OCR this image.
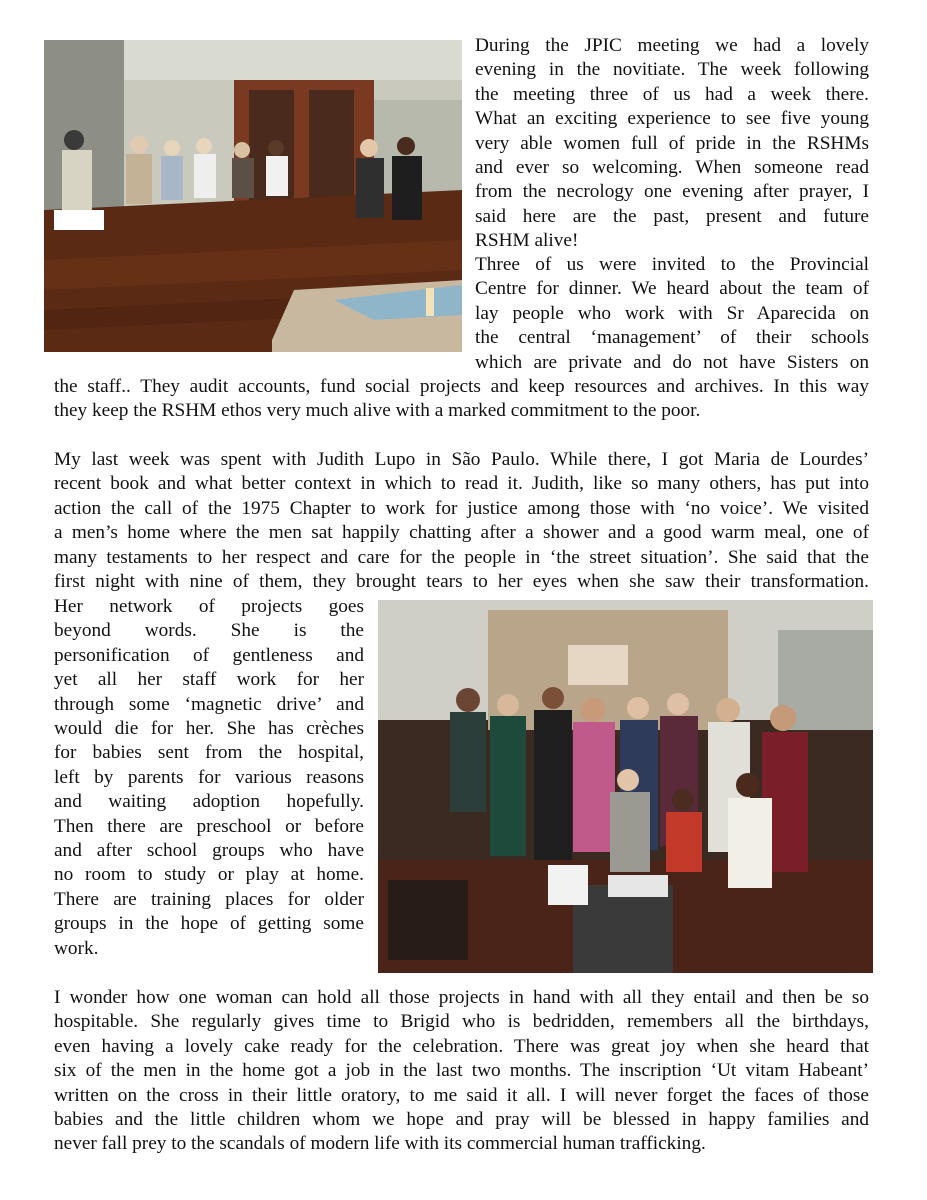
During the JPIC meeting we had a lovely
evening in the novitiate. The week following
the meeting three of us had a week there.
What an exciting experience to see five young
very able women full of pride in the RSHMs
and ever so welcoming. When someone read
from the necrology one evening after prayer, I
said here are the past, present and future
RSHM alive!
Three of us were invited to the Provincial
Centre for dinner. We heard about the team of
lay people who work with Sr Aparecida on
the central ‘management’ of their schools
which are private and do not have Sisters on
the staff.. They audit accounts, fund social projects and keep resources and archives. In this way
they keep the RSHM ethos very much alive with a marked commitment to the poor.
My last week was spent with Judith Lupo in São Paulo. While there, I got Maria de Lourdes’
recent book and what better context in which to read it. Judith, like so many others, has put into
action the call of the 1975 Chapter to work for justice among those with ‘no voice’. We visited
a men’s home where the men sat happily chatting after a shower and a good warm meal, one of
many testaments to her respect and care for the people in ‘the street situation’. She said that the
first night with nine of them, they brought tears to her eyes when she saw their transformation.
Her network of projects goes
beyond words. She is the
personification of gentleness and
yet all her staff work for her
through some ‘magnetic drive’ and
would die for her. She has crèches
for babies sent from the hospital,
left by parents for various reasons
and waiting adoption hopefully.
Then there are preschool or before
and after school groups who have
no room to study or play at home.
There are training places for older
groups in the hope of getting some
work.
I wonder how one woman can hold all those projects in hand with all they entail and then be so
hospitable. She regularly gives time to Brigid who is bedridden, remembers all the birthdays,
even having a lovely cake ready for the celebration. There was great joy when she heard that
six of the men in the home got a job in the last two months. The inscription ‘Ut vitam Habeant’
written on the cross in their little oratory, to me said it all. I will never forget the faces of those
babies and the little children whom we hope and pray will be blessed in happy families and
never fall prey to the scandals of modern life with its commercial human trafficking.
